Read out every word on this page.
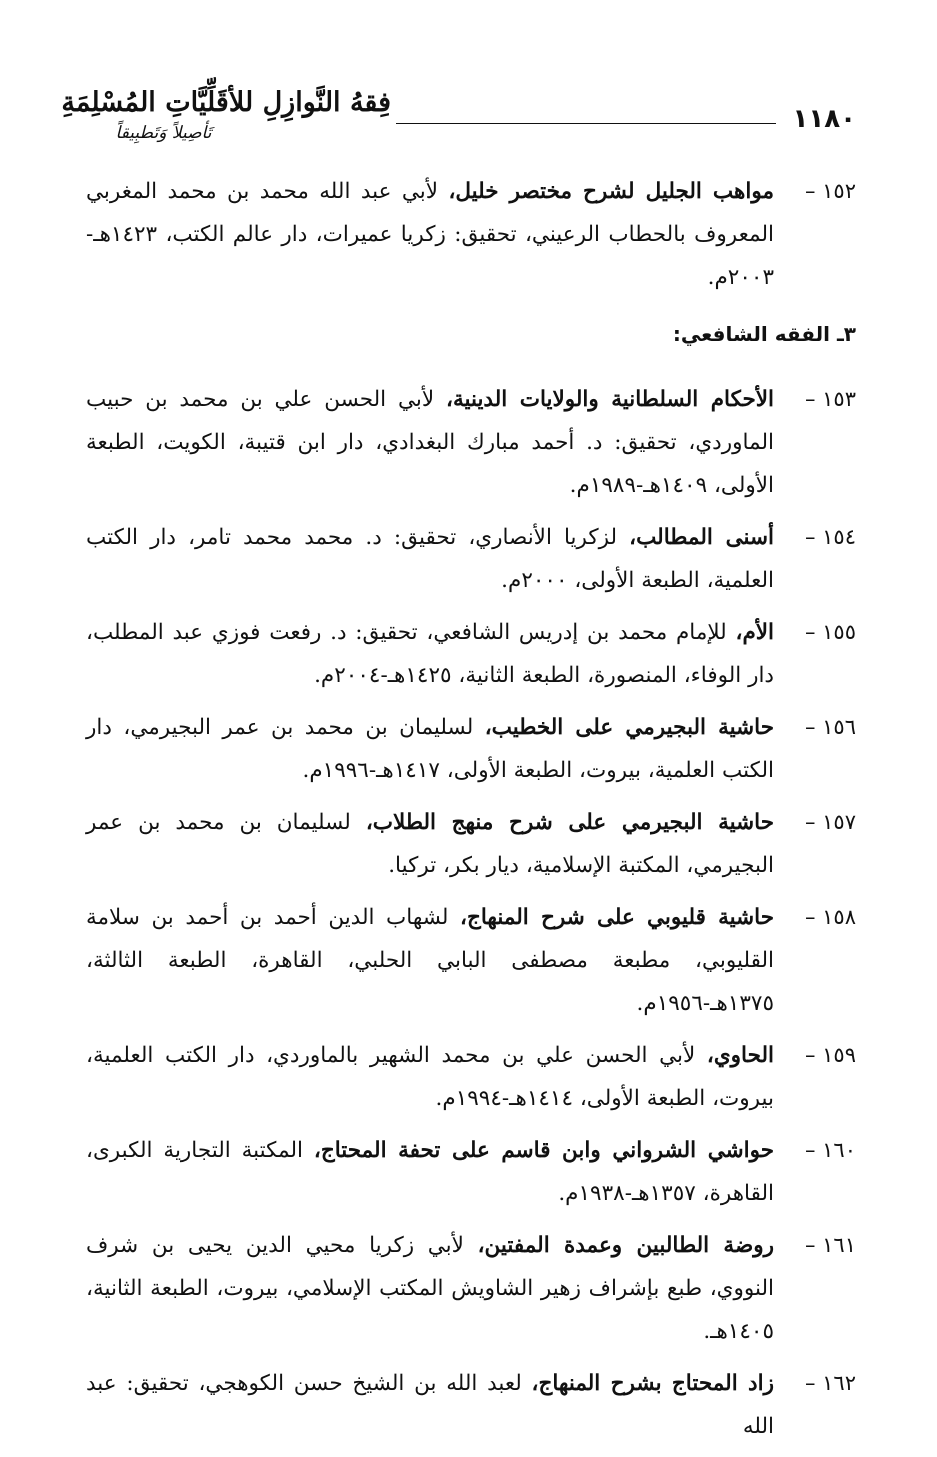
١١٨٠
فِقهُ النَّوازِلِ للأقَلِّيَّاتِ المُسْلِمَةِ
تَأصِيلاً وَتَطبِيقاً
١٥٢ –
مواهب الجليل لشرح مختصر خليل، لأبي عبد الله محمد بن محمد المغربي المعروف بالحطاب الرعيني، تحقيق: زكريا عميرات، دار عالم الكتب، ١٤٢٣هـ- ٢٠٠٣م.
٣ـ الفقه الشافعي:
١٥٣ –
الأحكام السلطانية والولايات الدينية، لأبي الحسن علي بن محمد بن حبيب الماوردي، تحقيق: د. أحمد مبارك البغدادي، دار ابن قتيبة، الكويت، الطبعة الأولى، ١٤٠٩هـ-١٩٨٩م.
١٥٤ –
أسنى المطالب، لزكريا الأنصاري، تحقيق: د. محمد محمد تامر، دار الكتب العلمية، الطبعة الأولى، ٢٠٠٠م.
١٥٥ –
الأم، للإمام محمد بن إدريس الشافعي، تحقيق: د. رفعت فوزي عبد المطلب، دار الوفاء، المنصورة، الطبعة الثانية، ١٤٢٥هـ-٢٠٠٤م.
١٥٦ –
حاشية البجيرمي على الخطيب، لسليمان بن محمد بن عمر البجيرمي، دار الكتب العلمية، بيروت، الطبعة الأولى، ١٤١٧هـ-١٩٩٦م.
١٥٧ –
حاشية البجيرمي على شرح منهج الطلاب، لسليمان بن محمد بن عمر البجيرمي، المكتبة الإسلامية، ديار بكر، تركيا.
١٥٨ –
حاشية قليوبي على شرح المنهاج، لشهاب الدين أحمد بن أحمد بن سلامة القليوبي، مطبعة مصطفى البابي الحلبي، القاهرة، الطبعة الثالثة، ١٣٧٥هـ-١٩٥٦م.
١٥٩ –
الحاوي، لأبي الحسن علي بن محمد الشهير بالماوردي، دار الكتب العلمية، بيروت، الطبعة الأولى، ١٤١٤هـ-١٩٩٤م.
١٦٠ –
حواشي الشرواني وابن قاسم على تحفة المحتاج، المكتبة التجارية الكبرى، القاهرة، ١٣٥٧هـ-١٩٣٨م.
١٦١ –
روضة الطالبين وعمدة المفتين، لأبي زكريا محيي الدين يحيى بن شرف النووي، طبع بإشراف زهير الشاويش المكتب الإسلامي، بيروت، الطبعة الثانية، ١٤٠٥هـ.
١٦٢ –
زاد المحتاج بشرح المنهاج، لعبد الله بن الشيخ حسن الكوهجي، تحقيق: عبد الله
